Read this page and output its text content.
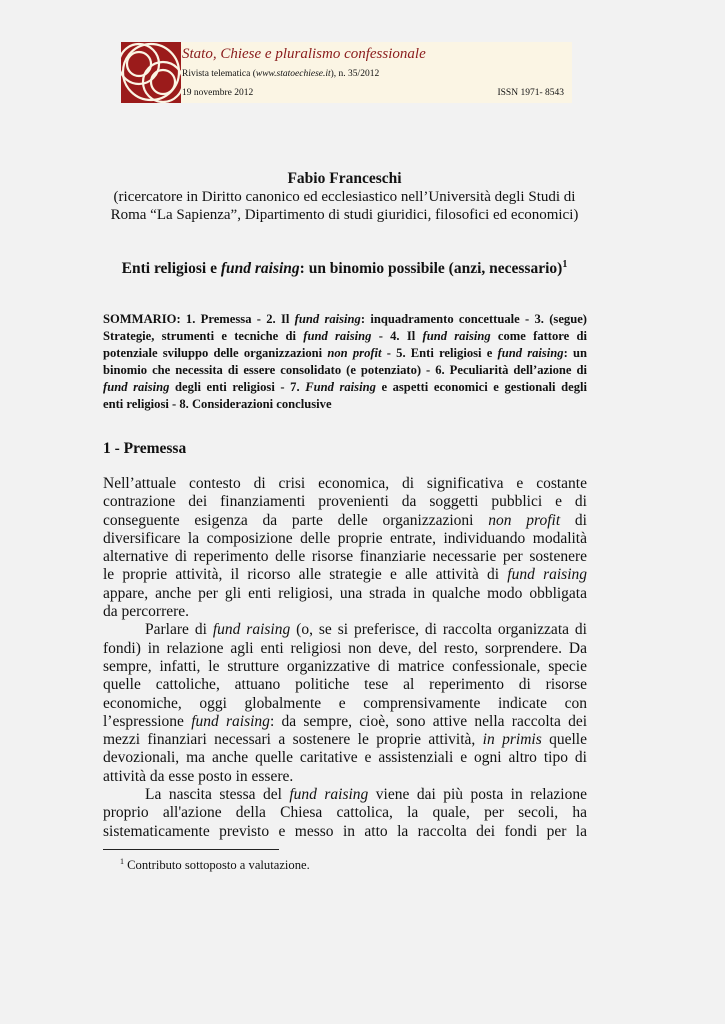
Stato, Chiese e pluralismo confessionale
Rivista telematica (www.statoechiese.it), n. 35/2012
19 novembre 2012	ISSN 1971- 8543
Fabio Franceschi
(ricercatore in Diritto canonico ed ecclesiastico nell’Università degli Studi di
Roma “La Sapienza”, Dipartimento di studi giuridici, filosofici ed economici)
Enti religiosi e fund raising: un binomio possibile (anzi, necessario)$^1$
SOMMARIO: 1. Premessa - 2. Il fund raising: inquadramento concettuale - 3. (segue)
Strategie, strumenti e tecniche di fund raising - 4. Il fund raising come fattore di
potenziale sviluppo delle organizzazioni non profit - 5. Enti religiosi e fund raising: un
binomio che necessita di essere consolidato (e potenziato) - 6. Peculiarità dell’azione di
fund raising degli enti religiosi - 7. Fund raising e aspetti economici e gestionali degli
enti religiosi - 8. Considerazioni conclusive
1 - Premessa
Nell’attuale contesto di crisi economica, di significativa e costante
contrazione dei finanziamenti provenienti da soggetti pubblici e di
conseguente esigenza da parte delle organizzazioni non profit di
diversificare la composizione delle proprie entrate, individuando modalità
alternative di reperimento delle risorse finanziarie necessarie per sostenere
le proprie attività, il ricorso alle strategie e alle attività di fund raising
appare, anche per gli enti religiosi, una strada in qualche modo obbligata
da percorrere.
Parlare di fund raising (o, se si preferisce, di raccolta organizzata di
fondi) in relazione agli enti religiosi non deve, del resto, sorprendere. Da
sempre, infatti, le strutture organizzative di matrice confessionale, specie
quelle cattoliche, attuano politiche tese al reperimento di risorse
economiche, oggi globalmente e comprensivamente indicate con
l’espressione fund raising: da sempre, cioè, sono attive nella raccolta dei
mezzi finanziari necessari a sostenere le proprie attività, in primis quelle
devozionali, ma anche quelle caritative e assistenziali e ogni altro tipo di
attività da esse posto in essere.
La nascita stessa del fund raising viene dai più posta in relazione
proprio all'azione della Chiesa cattolica, la quale, per secoli, ha
sistematicamente previsto e messo in atto la raccolta dei fondi per la
$^1$ Contributo sottoposto a valutazione.
